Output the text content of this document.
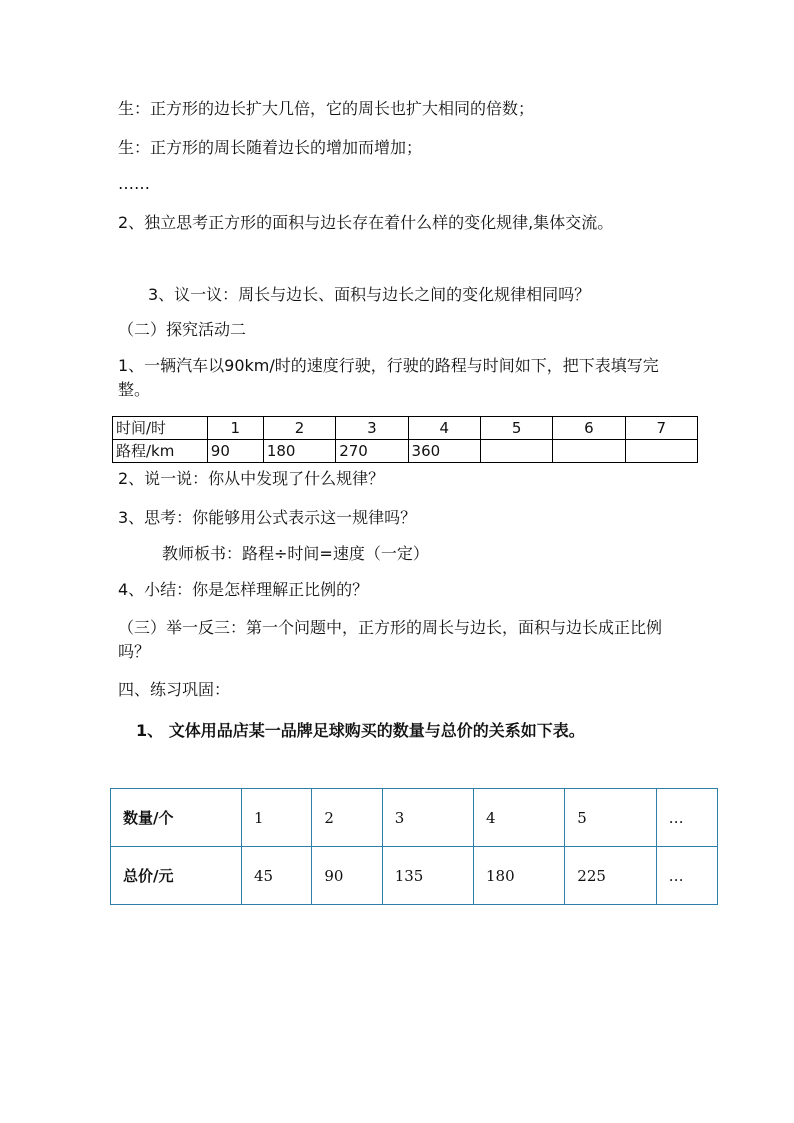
生：正方形的边长扩大几倍，它的周长也扩大相同的倍数；
生：正方形的周长随着边长的增加而增加；
……
2、独立思考正方形的面积与边长存在着什么样的变化规律,集体交流。
3、议一议：周长与边长、面积与边长之间的变化规律相同吗？
（二）探究活动二
1、一辆汽车以90km/时的速度行驶，行驶的路程与时间如下，把下表填写完整。
时间/时	1	2	3	4	5	6	7
路程/km	90	180	270	360			
2、说一说：你从中发现了什么规律？
3、思考：你能够用公式表示这一规律吗？
教师板书：路程÷时间=速度（一定）
4、小结：你是怎样理解正比例的？
（三）举一反三：第一个问题中，正方形的周长与边长，面积与边长成正比例吗？
四、练习巩固：
1、 文体用品店某一品牌足球购买的数量与总价的关系如下表。
数量/个	1	2	3	4	5	…
总价/元	45	90	135	180	225	…
